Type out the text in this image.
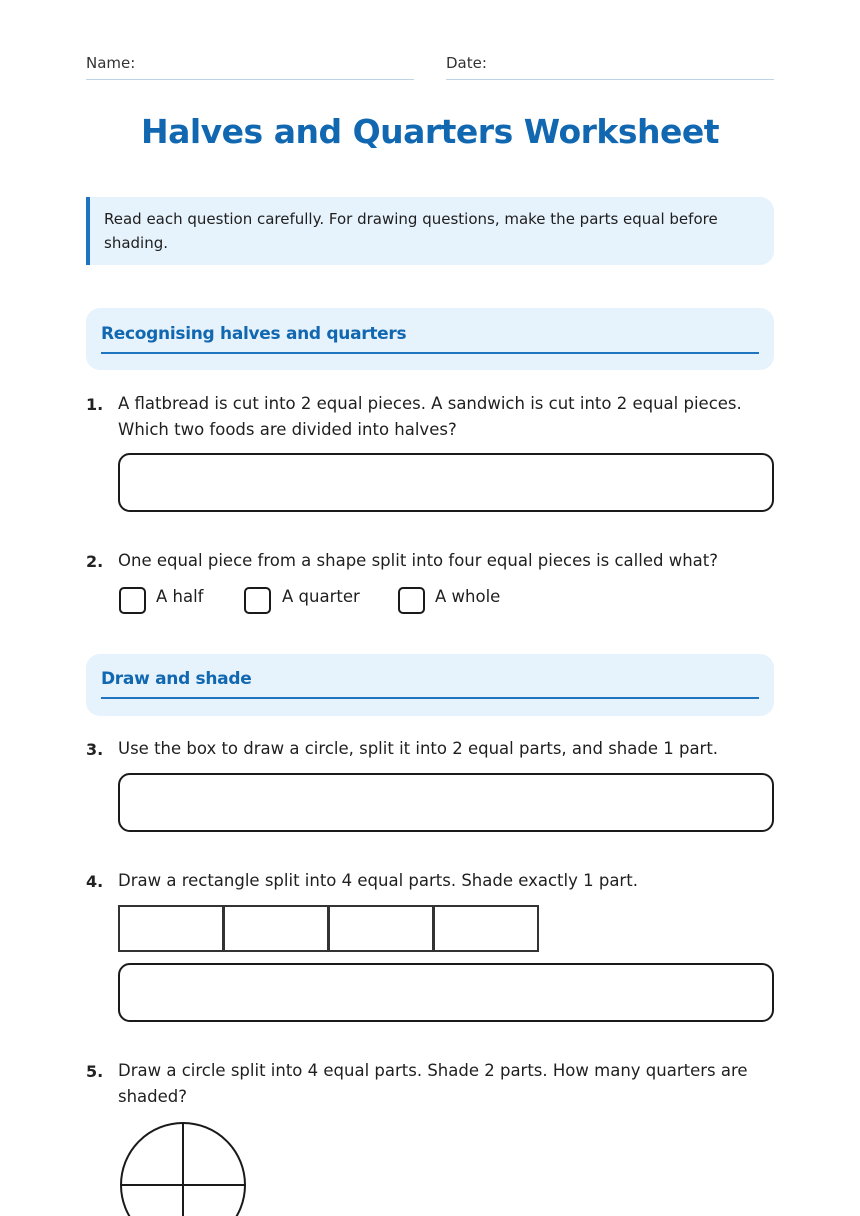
Name:	Date:
Halves and Quarters Worksheet
Read each question carefully. For drawing questions, make the parts equal before shading.
Recognising halves and quarters
1. A flatbread is cut into 2 equal pieces. A sandwich is cut into 2 equal pieces. Which two foods are divided into halves?
2. One equal piece from a shape split into four equal pieces is called what?
A half	A quarter	A whole
Draw and shade
3. Use the box to draw a circle, split it into 2 equal parts, and shade 1 part.
4. Draw a rectangle split into 4 equal parts. Shade exactly 1 part.
5. Draw a circle split into 4 equal parts. Shade 2 parts. How many quarters are shaded?
